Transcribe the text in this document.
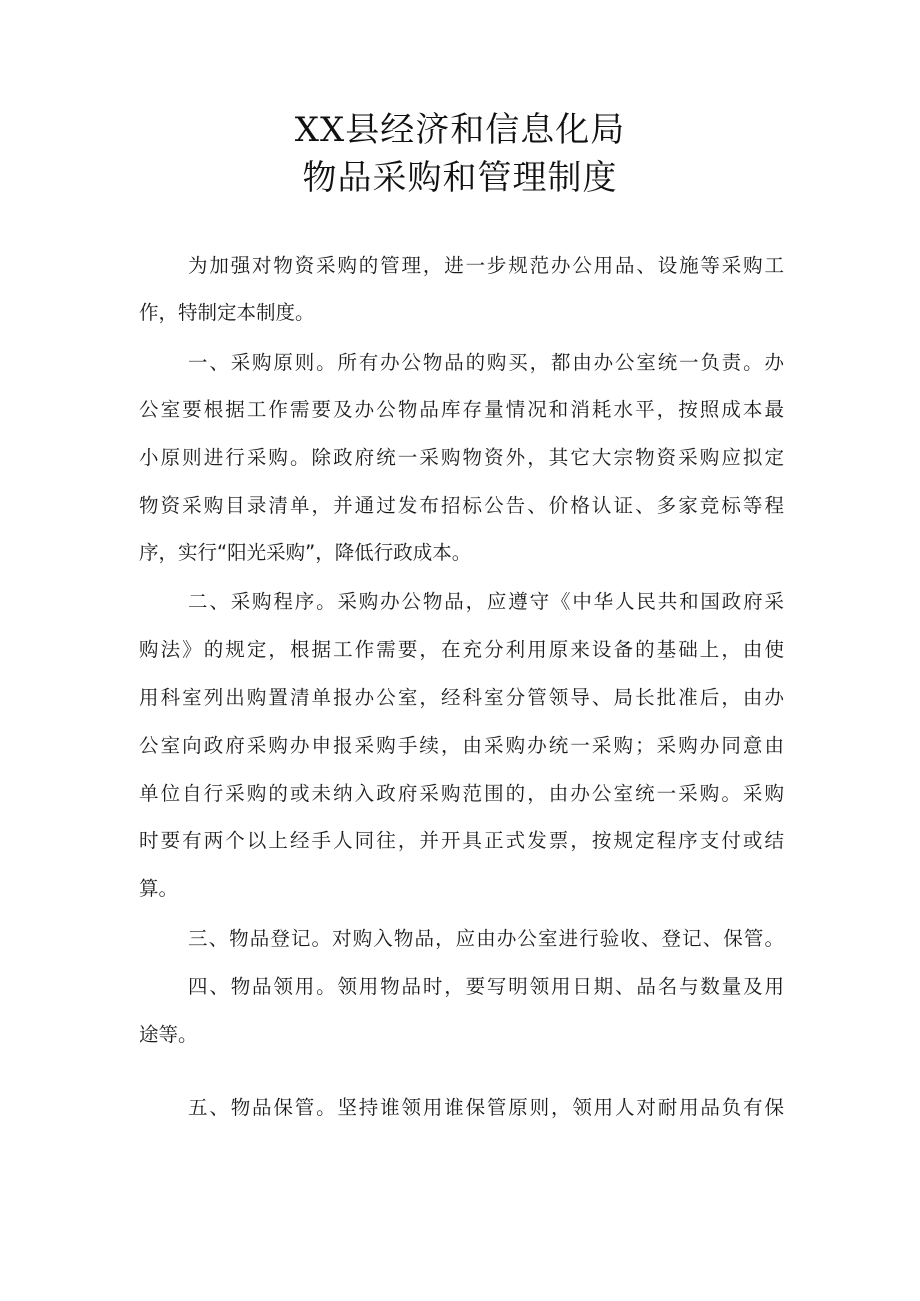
XX县经济和信息化局
物品采购和管理制度
为加强对物资采购的管理，进一步规范办公用品、设施等采购工
作，特制定本制度。
一、采购原则。所有办公物品的购买，都由办公室统一负责。办
公室要根据工作需要及办公物品库存量情况和消耗水平，按照成本最
小原则进行采购。除政府统一采购物资外，其它大宗物资采购应拟定
物资采购目录清单，并通过发布招标公告、价格认证、多家竞标等程
序，实行“阳光采购”，降低行政成本。
二、采购程序。采购办公物品，应遵守《中华人民共和国政府采
购法》的规定，根据工作需要，在充分利用原来设备的基础上，由使
用科室列出购置清单报办公室，经科室分管领导、局长批准后，由办
公室向政府采购办申报采购手续，由采购办统一采购；采购办同意由
单位自行采购的或未纳入政府采购范围的，由办公室统一采购。采购
时要有两个以上经手人同往，并开具正式发票，按规定程序支付或结
算。
三、物品登记。对购入物品，应由办公室进行验收、登记、保管。
四、物品领用。领用物品时，要写明领用日期、品名与数量及用
途等。
五、物品保管。坚持谁领用谁保管原则，领用人对耐用品负有保
